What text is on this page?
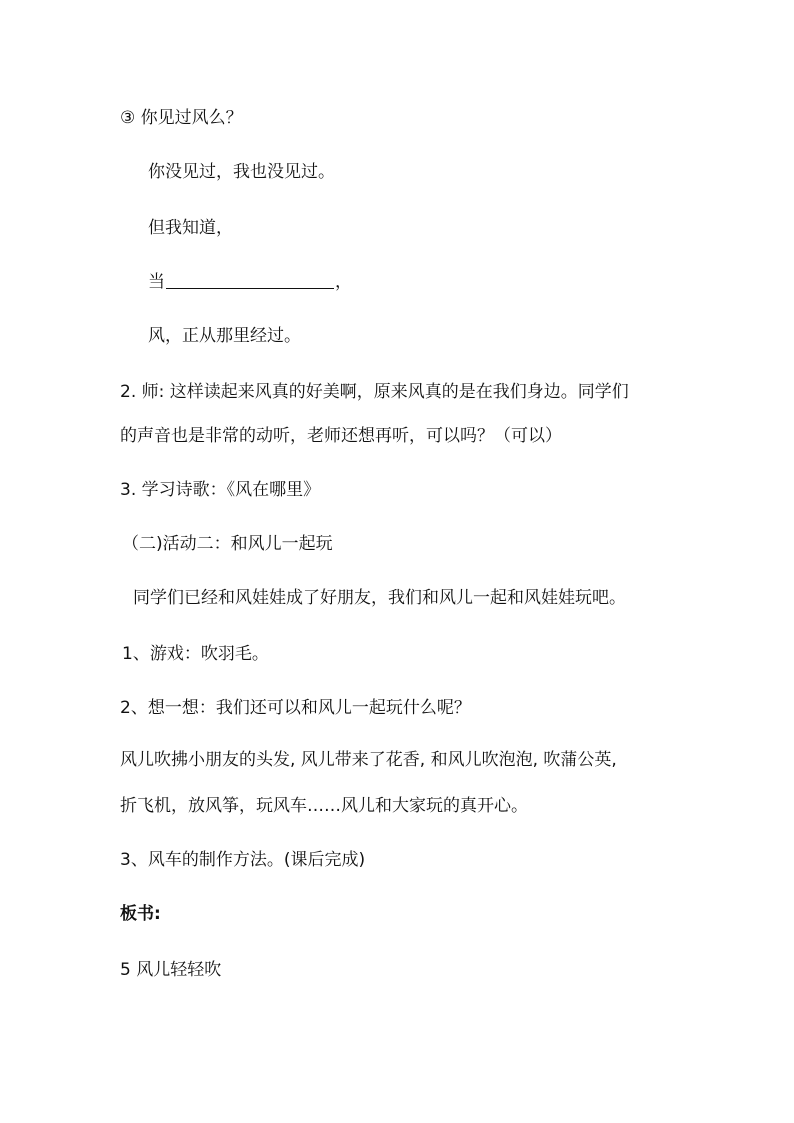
③ 你见过风么？
你没见过，我也没见过。
但我知道，
当	，
风，正从那里经过。
2. 师: 这样读起来风真的好美啊，原来风真的是在我们身边。同学们
的声音也是非常的动听，老师还想再听，可以吗？（可以）
3. 学习诗歌：《风在哪里》
（二)活动二：和风儿一起玩
同学们已经和风娃娃成了好朋友，我们和风儿一起和风娃娃玩吧。
1、游戏：吹羽毛。
2、想一想：我们还可以和风儿一起玩什么呢？
风儿吹拂小朋友的头发, 风儿带来了花香, 和风儿吹泡泡, 吹蒲公英,
折飞机，放风筝，玩风车……风儿和大家玩的真开心。
3、风车的制作方法。(课后完成)
板书:
5 风儿轻轻吹
